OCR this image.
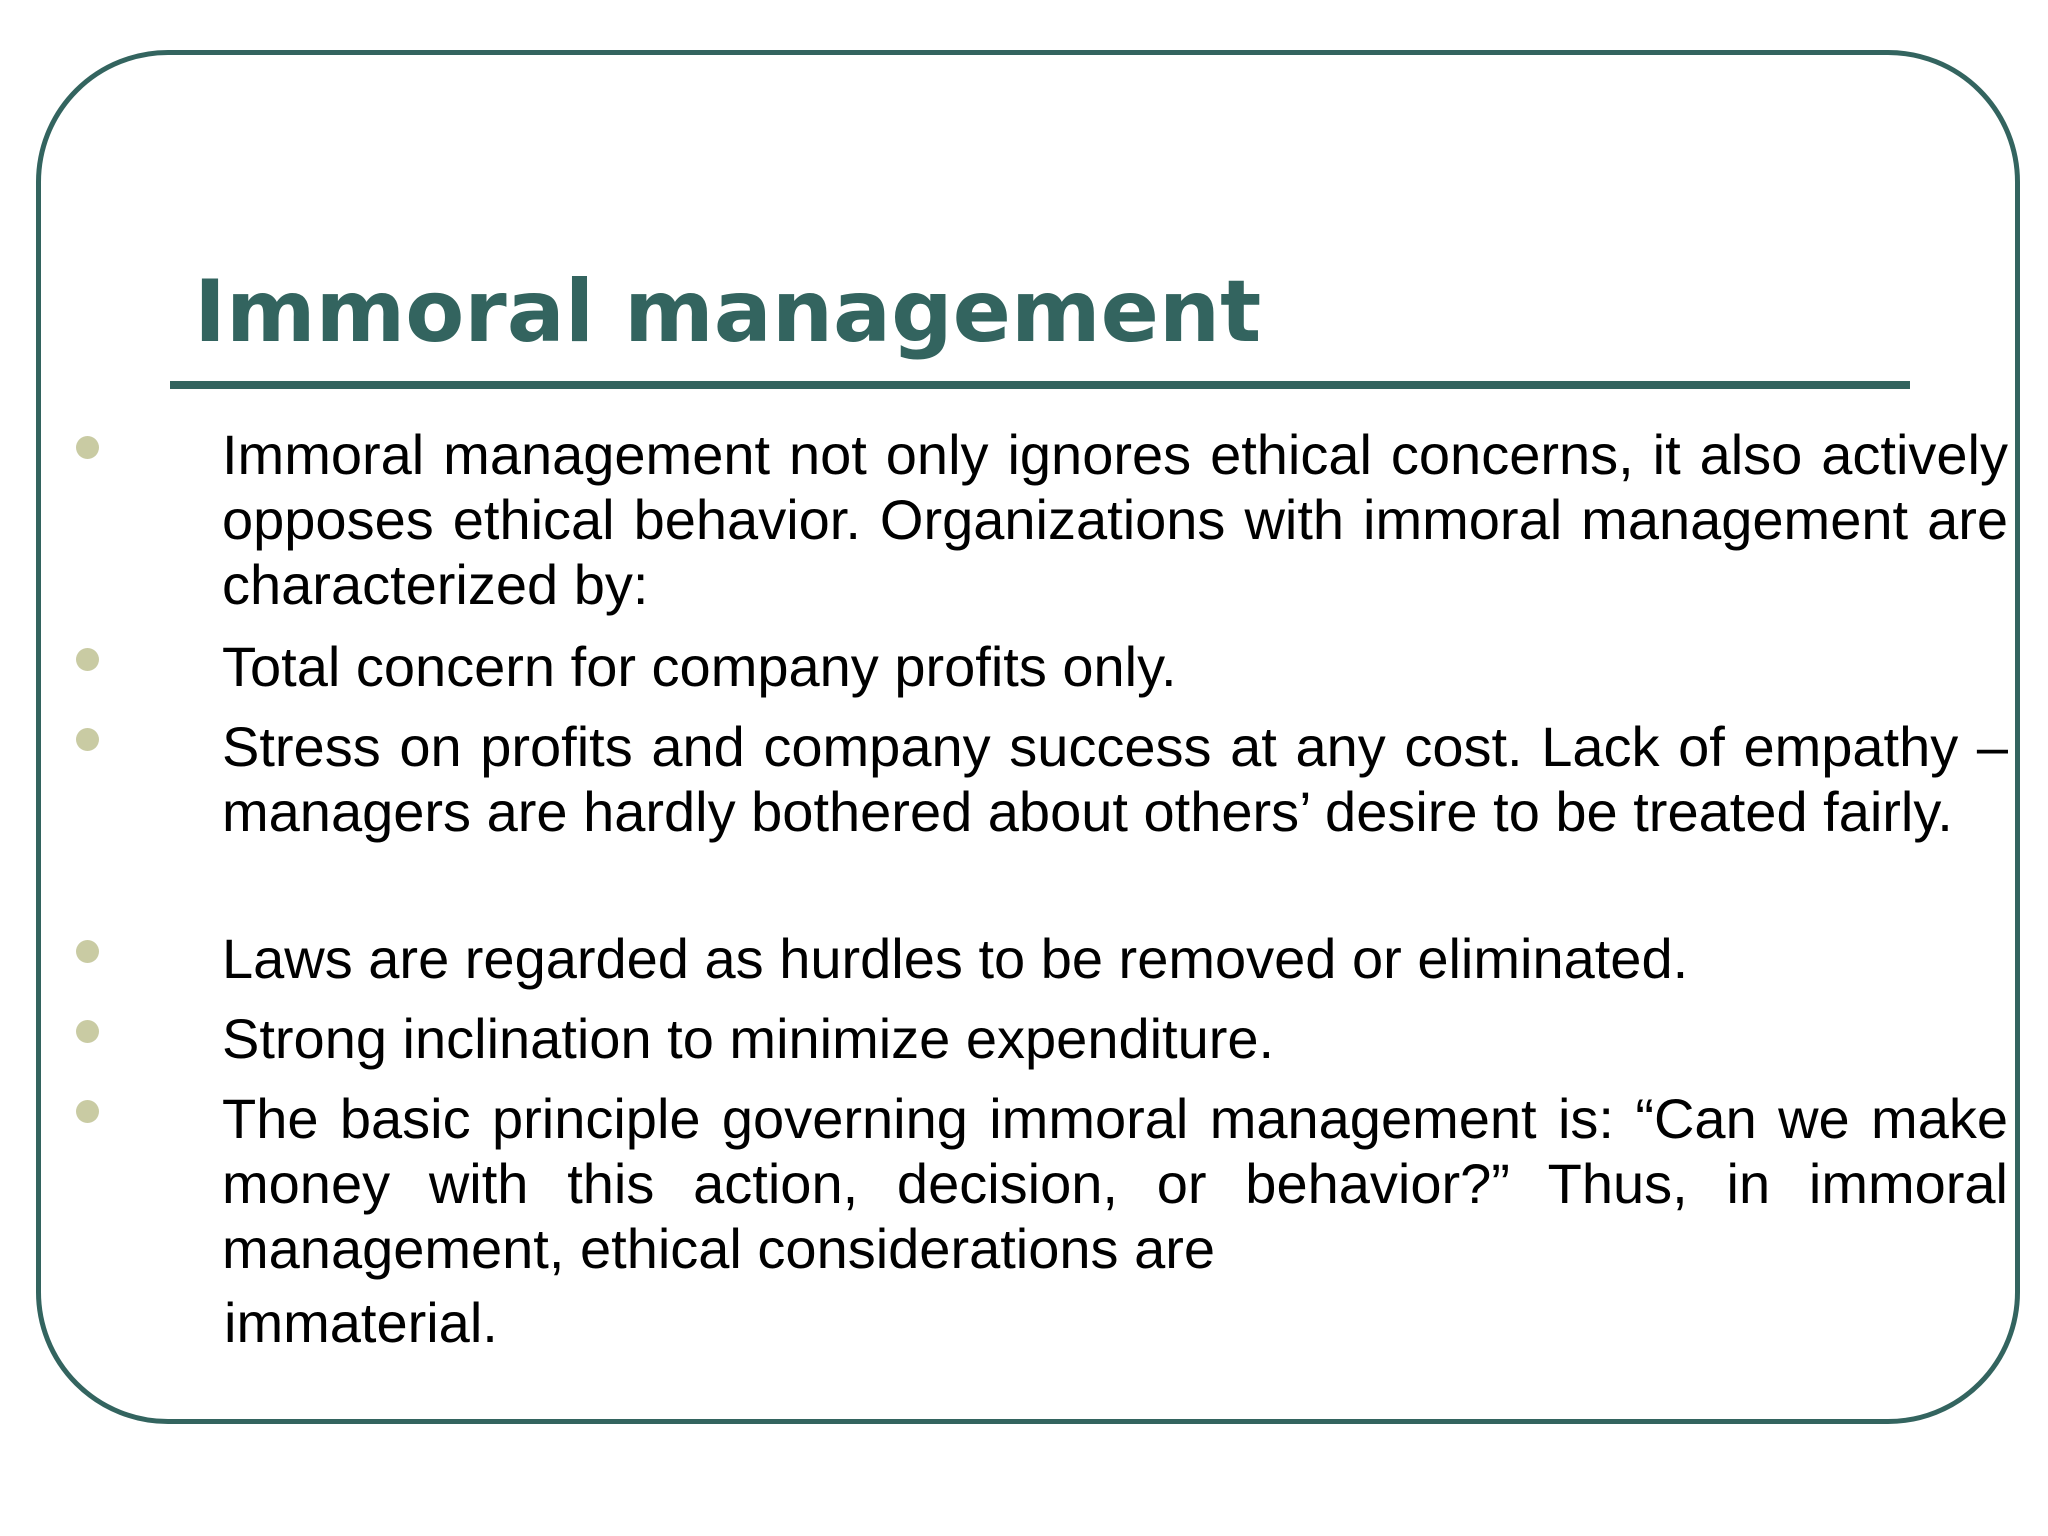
Immoral management

Immoral management not only ignores ethical concerns, it also actively opposes ethical behavior. Organizations with immoral management are characterized by:

Total concern for company profits only.

Stress on profits and company success at any cost. Lack of empathy – managers are hardly bothered about others’ desire to be treated fairly.

Laws are regarded as hurdles to be removed or eliminated.

Strong inclination to minimize expenditure.

The basic principle governing immoral management is: “Can we make money with this action, decision, or behavior?” Thus, in immoral management, ethical considerations are

immaterial.
